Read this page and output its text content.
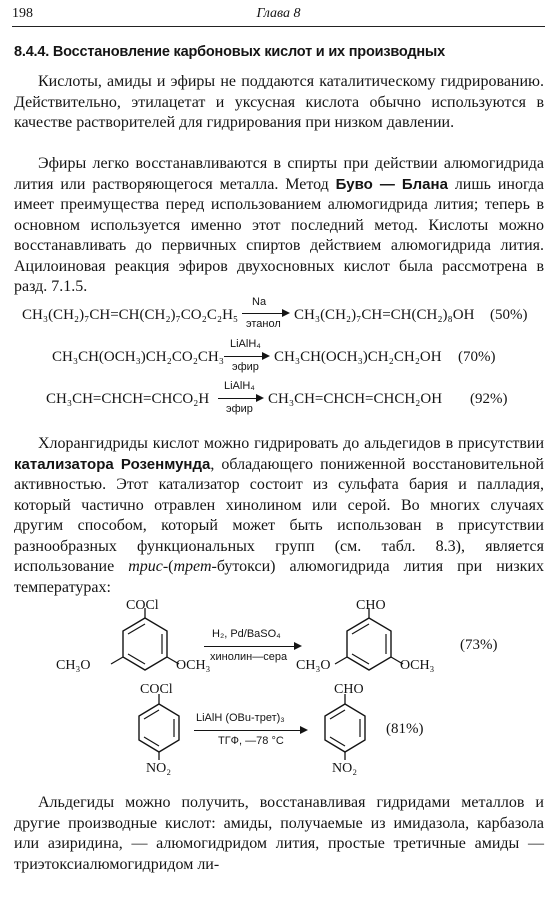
198	Глава 8
8.4.4. Восстановление карбоновых кислот и их производных
Кислоты, амиды и эфиры не поддаются каталитическому гидрированию. Действительно, этилацетат и уксусная кислота обычно используются в качестве растворителей для гидрирования при низком давлении.
Эфиры легко восстанавливаются в спирты при действии алюмогидрида лития или растворяющегося металла. Метод Буво — Блана лишь иногда имеет преимущества перед использованием алюмогидрида лития; теперь в основном используется именно этот последний метод. Кислоты можно восстанавливать до первичных спиртов действием алюмогидрида лития. Ацилоиновая реакция эфиров двухосновных кислот была рассмотрена в разд. 7.1.5.
CH₃(CH₂)₇CH=CH(CH₂)₇CO₂C₂H₅
Na
этанол
CH₃(CH₂)₇CH=CH(CH₂)₈OH (50%)
CH₃CH(OCH₃)CH₂CO₂CH₃
LiAlH₄
эфир
CH₃CH(OCH₃)CH₂CH₂OH (70%)
CH₃CH=CHCH=CHCO₂H
LiAlH₄
эфир
CH₃CH=CHCH=CHCH₂OH (92%)
Хлорангидриды кислот можно гидрировать до альдегидов в присутствии катализатора Розенмунда, обладающего пониженной восстановительной активностью. Этот катализатор состоит из сульфата бария и палладия, который частично отравлен хинолином или серой. Во многих случаях другим способом, который может быть использован в присутствии разнообразных функциональных групп (см. табл. 8.3), является использование трис-(трет-бутокси) алюмогидрида лития при низких температурах:
COCl
CH₃O	OCH₃
H₂, Pd/BaSO₄
хинолин—сера
CHO
CH₃O	OCH₃
(73%)
COCl
NO₂
LiAlH (OBu-трет)₃
ТГФ, —78 °C
CHO
NO₂
(81%)
Альдегиды можно получить, восстанавливая гидридами металлов и другие производные кислот: амиды, получаемые из имидазола, карбазола или азиридина, — алюмогидридом лития, простые третичные амиды — триэтоксиалюмогидридом ли-
